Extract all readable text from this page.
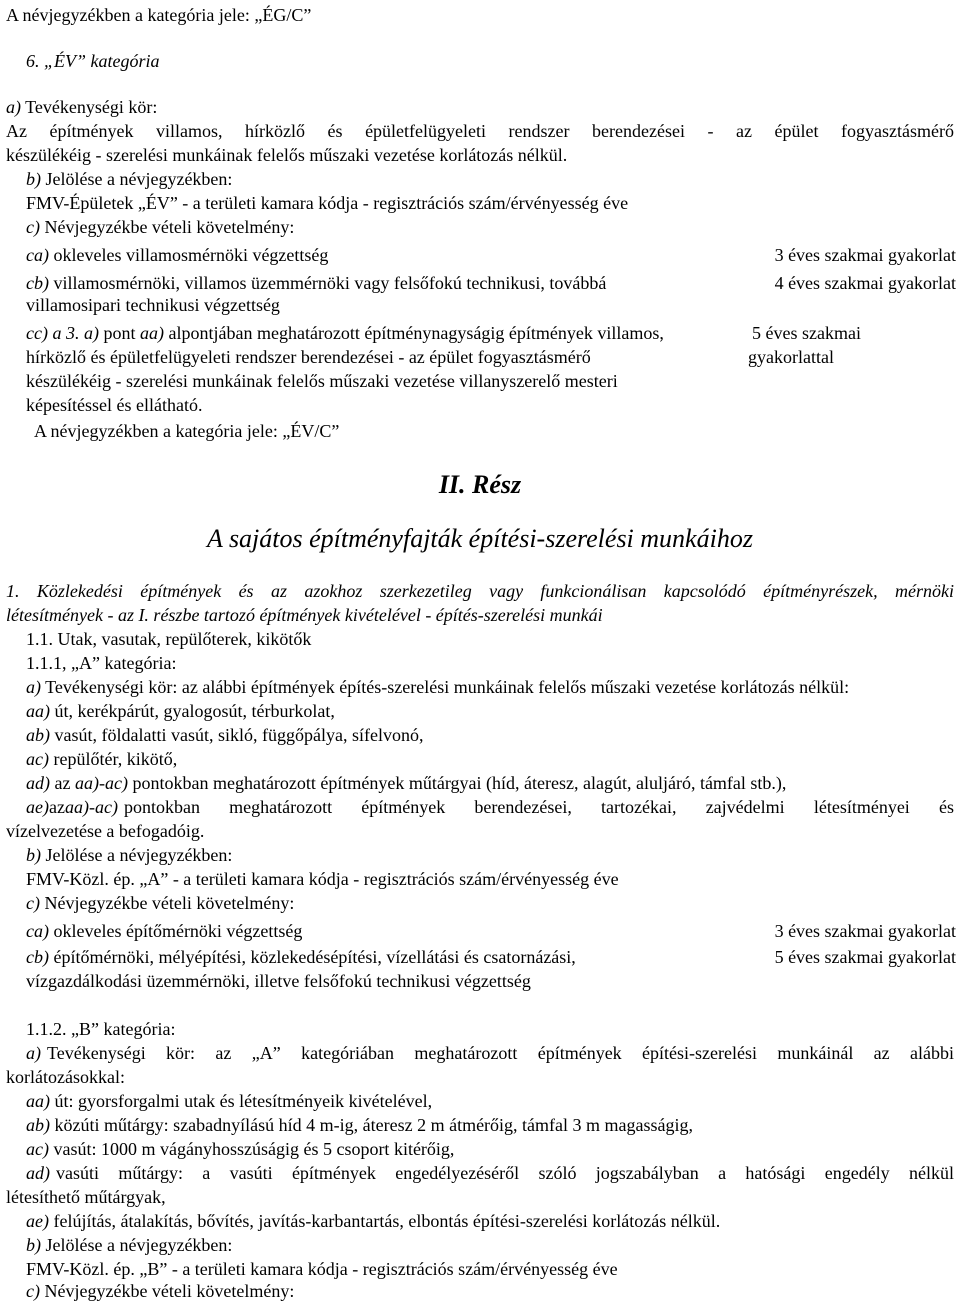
A névjegyzékben a kategória jele: „ÉG/C”
6. „ÉV” kategória
a) Tevékenységi kör:
Az építmények villamos, hírközlő és épületfelügyeleti rendszer berendezései - az épület fogyasztásmérő
készülékéig - szerelési munkáinak felelős műszaki vezetése korlátozás nélkül.
b) Jelölése a névjegyzékben:
FMV-Épületek „ÉV” - a területi kamara kódja - regisztrációs szám/érvényesség éve
c) Névjegyzékbe vételi követelmény:
ca) okleveles villamosmérnöki végzettség	3 éves szakmai gyakorlat
cb) villamosmérnöki, villamos üzemmérnöki vagy felsőfokú technikusi, továbbá	4 éves szakmai gyakorlat
villamosipari technikusi végzettség
cc) a 3. a) pont aa) alpontjában meghatározott építménynagyságig építmények villamos,	5 éves szakmai
hírközlő és épületfelügyeleti rendszer berendezései - az épület fogyasztásmérő	gyakorlattal
készülékéig - szerelési munkáinak felelős műszaki vezetése villanyszerelő mesteri
képesítéssel és ellátható.
A névjegyzékben a kategória jele: „ÉV/C”
II. Rész
A sajátos építményfajták építési-szerelési munkáihoz
1. Közlekedési építmények és az azokhoz szerkezetileg vagy funkcionálisan kapcsolódó építményrészek, mérnöki
létesítmények - az I. részbe tartozó építmények kivételével - építés-szerelési munkái
1.1. Utak, vasutak, repülőterek, kikötők
1.1.1, „A” kategória:
a) Tevékenységi kör: az alábbi építmények építés-szerelési munkáinak felelős műszaki vezetése korlátozás nélkül:
aa) út, kerékpárút, gyalogosút, térburkolat,
ab) vasút, földalatti vasút, sikló, függőpálya, sífelvonó,
ac) repülőtér, kikötő,
ad) az aa)-ac) pontokban meghatározott építmények műtárgyai (híd, áteresz, alagút, aluljáró, támfal stb.),
ae) az aa)-ac) pontokban meghatározott építmények berendezései, tartozékai, zajvédelmi létesítményei és
vízelvezetése a befogadóig.
b) Jelölése a névjegyzékben:
FMV-Közl. ép. „A” - a területi kamara kódja - regisztrációs szám/érvényesség éve
c) Névjegyzékbe vételi követelmény:
ca) okleveles építőmérnöki végzettség	3 éves szakmai gyakorlat
cb) építőmérnöki, mélyépítési, közlekedésépítési, vízellátási és csatornázási,	5 éves szakmai gyakorlat
vízgazdálkodási üzemmérnöki, illetve felsőfokú technikusi végzettség
1.1.2. „B” kategória:
a) Tevékenységi kör: az „A” kategóriában meghatározott építmények építési-szerelési munkáinál az alábbi
korlátozásokkal:
aa) út: gyorsforgalmi utak és létesítményeik kivételével,
ab) közúti műtárgy: szabadnyílású híd 4 m-ig, áteresz 2 m átmérőig, támfal 3 m magasságig,
ac) vasút: 1000 m vágányhosszúságig és 5 csoport kitérőig,
ad) vasúti műtárgy: a vasúti építmények engedélyezéséről szóló jogszabályban a hatósági engedély nélkül
létesíthető műtárgyak,
ae) felújítás, átalakítás, bővítés, javítás-karbantartás, elbontás építési-szerelési korlátozás nélkül.
b) Jelölése a névjegyzékben:
FMV-Közl. ép. „B” - a területi kamara kódja - regisztrációs szám/érvényesség éve
c) Névjegyzékbe vételi követelmény:
